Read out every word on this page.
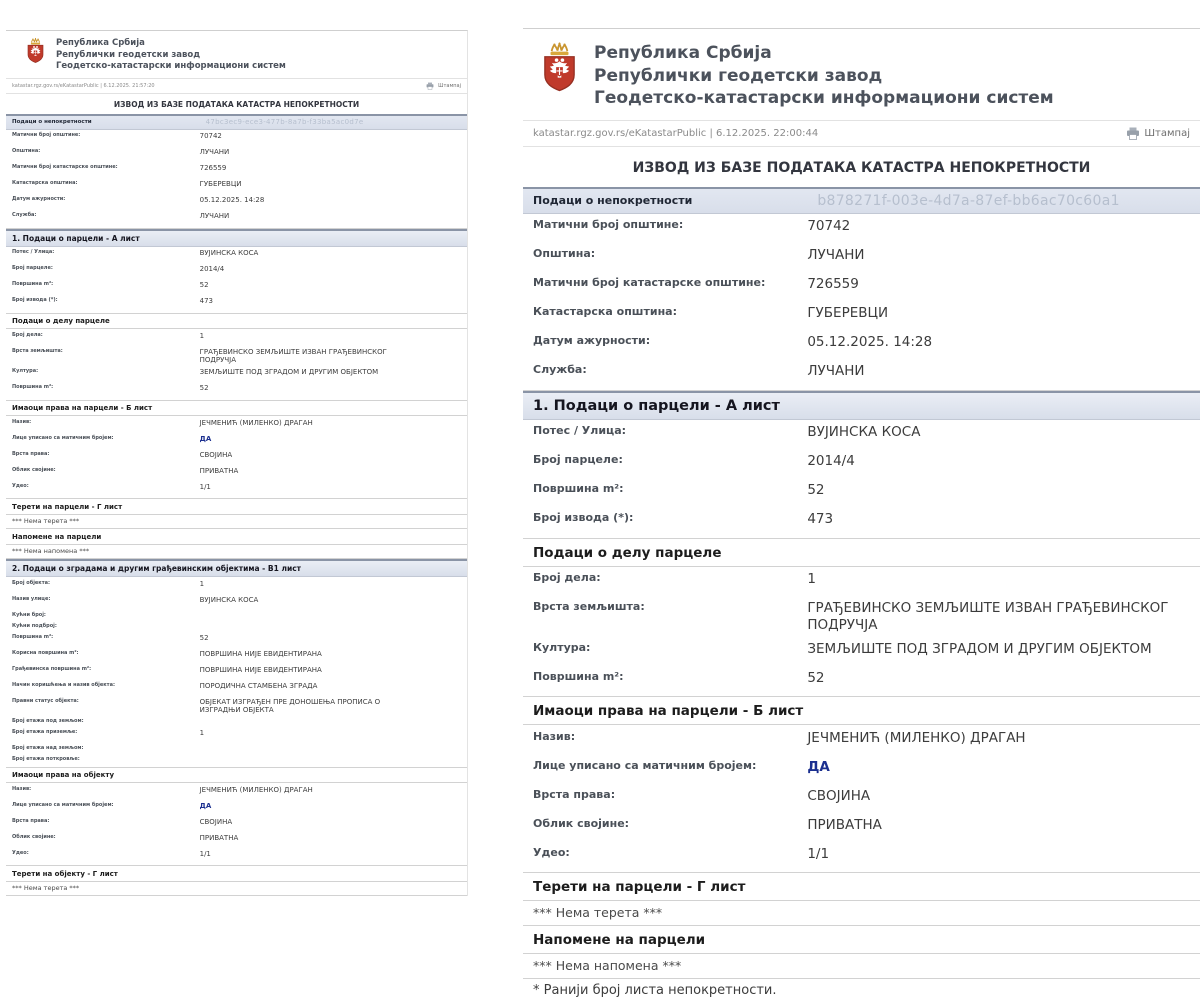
Република Србија
Републички геодетски завод
Геодетско-катастарски информациони систем
katastar.rgz.gov.rs/eKatastarPublic | 6.12.2025. 21:57:20	Штампај
ИЗВОД ИЗ БАЗЕ ПОДАТАКА КАТАСТРА НЕПОКРЕТНОСТИ
Подаци о непокретности	47bc3ec9-ece3-477b-8a7b-f33ba5ac0d7e
Матични број општине:	70742
Општина:	ЛУЧАНИ
Матични број катастарске општине:	726559
Катастарска општина:	ГУБЕРЕВЦИ
Датум ажурности:	05.12.2025. 14:28
Служба:	ЛУЧАНИ
1. Подаци о парцели - А лист
Потес / Улица:	ВУЈИНСКА КОСА
Број парцеле:	2014/4
Површина m²:	52
Број извода (*):	473
Подаци о делу парцеле
Број дела:	1
Врста земљишта:	ГРАЂЕВИНСКО ЗЕМЉИШТЕ ИЗВАН ГРАЂЕВИНСКОГ ПОДРУЧЈА
Култура:	ЗЕМЉИШТЕ ПОД ЗГРАДОМ И ДРУГИМ ОБЈЕКТОМ
Површина m²:	52
Имаоци права на парцели - Б лист
Назив:	ЈЕЧМЕНИЋ (МИЛЕНКО) ДРАГАН
Лице уписано са матичним бројем:	ДА
Врста права:	СВОЈИНА
Облик својине:	ПРИВАТНА
Удео:	1/1
Терети на парцели - Г лист
*** Нема терета ***
Напомене на парцели
*** Нема напомена ***
2. Подаци о зградама и другим грађевинским објектима - В1 лист
Број објекта:	1
Назив улице:	ВУЈИНСКА КОСА
Кућни број:
Кућни подброј:
Површина m²:	52
Корисна површина m²:	ПОВРШИНА НИЈЕ ЕВИДЕНТИРАНА
Грађевинска површина m²:	ПОВРШИНА НИЈЕ ЕВИДЕНТИРАНА
Начин коришћења и назив објекта:	ПОРОДИЧНА СТАМБЕНА ЗГРАДА
Правни статус објекта:	ОБЈЕКАТ ИЗГРАЂЕН ПРЕ ДОНОШЕЊА ПРОПИСА О ИЗГРАДЊИ ОБЈЕКТА
Број етажа под земљом:
Број етажа приземље:	1
Број етажа над земљом:
Број етажа поткровље:
Имаоци права на објекту
Назив:	ЈЕЧМЕНИЋ (МИЛЕНКО) ДРАГАН
Лице уписано са матичним бројем:	ДА
Врста права:	СВОЈИНА
Облик својине:	ПРИВАТНА
Удео:	1/1
Терети на објекту - Г лист
*** Нема терета ***
Република Србија
Републички геодетски завод
Геодетско-катастарски информациони систем
katastar.rgz.gov.rs/eKatastarPublic | 6.12.2025. 22:00:44	Штампај
ИЗВОД ИЗ БАЗЕ ПОДАТАКА КАТАСТРА НЕПОКРЕТНОСТИ
Подаци о непокретности	b878271f-003e-4d7a-87ef-bb6ac70c60a1
Матични број општине:	70742
Општина:	ЛУЧАНИ
Матични број катастарске општине:	726559
Катастарска општина:	ГУБЕРЕВЦИ
Датум ажурности:	05.12.2025. 14:28
Служба:	ЛУЧАНИ
1. Подаци о парцели - А лист
Потес / Улица:	ВУЈИНСКА КОСА
Број парцеле:	2014/4
Површина m²:	52
Број извода (*):	473
Подаци о делу парцеле
Број дела:	1
Врста земљишта:	ГРАЂЕВИНСКО ЗЕМЉИШТЕ ИЗВАН ГРАЂЕВИНСКОГ ПОДРУЧЈА
Култура:	ЗЕМЉИШТЕ ПОД ЗГРАДОМ И ДРУГИМ ОБЈЕКТОМ
Површина m²:	52
Имаоци права на парцели - Б лист
Назив:	ЈЕЧМЕНИЋ (МИЛЕНКО) ДРАГАН
Лице уписано са матичним бројем:	ДА
Врста права:	СВОЈИНА
Облик својине:	ПРИВАТНА
Удео:	1/1
Терети на парцели - Г лист
*** Нема терета ***
Напомене на парцели
*** Нема напомена ***
* Ранији број листа непокретности.
